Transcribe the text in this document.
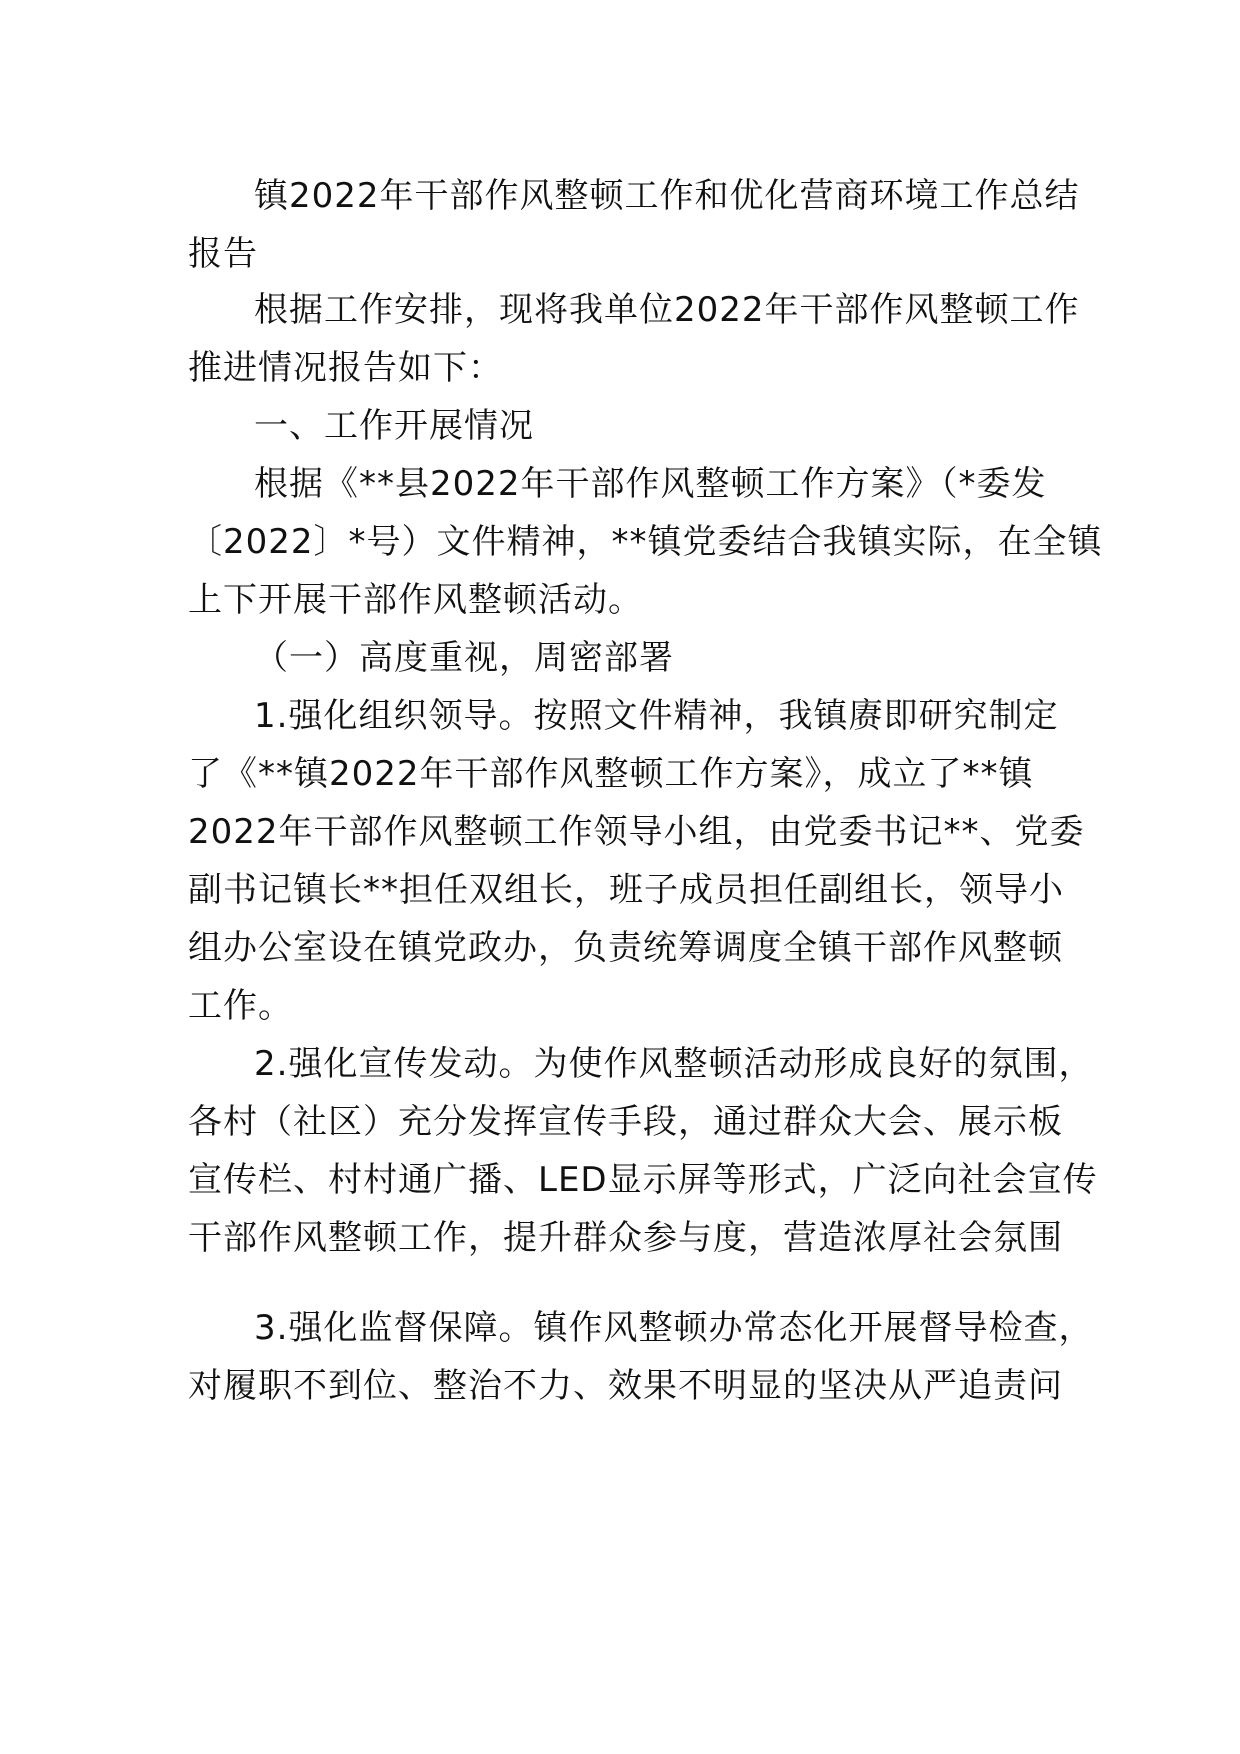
镇2022年干部作风整顿工作和优化营商环境工作总结

报告

根据工作安排，现将我单位2022年干部作风整顿工作

推进情况报告如下：

一、工作开展情况

根据《**县2022年干部作风整顿工作方案》（*委发

〔2022〕*号）文件精神，**镇党委结合我镇实际，在全镇

上下开展干部作风整顿活动。

（一）高度重视，周密部署

1.强化组织领导。按照文件精神，我镇赓即研究制定

了《**镇2022年干部作风整顿工作方案》，成立了**镇

2022年干部作风整顿工作领导小组，由党委书记**、党委

副书记镇长**担任双组长，班子成员担任副组长，领导小

组办公室设在镇党政办，负责统筹调度全镇干部作风整顿

工作。

2.强化宣传发动。为使作风整顿活动形成良好的氛围，

各村（社区）充分发挥宣传手段，通过群众大会、展示板

宣传栏、村村通广播、LED显示屏等形式，广泛向社会宣传

干部作风整顿工作，提升群众参与度，营造浓厚社会氛围

3.强化监督保障。镇作风整顿办常态化开展督导检查，

对履职不到位、整治不力、效果不明显的坚决从严追责问
